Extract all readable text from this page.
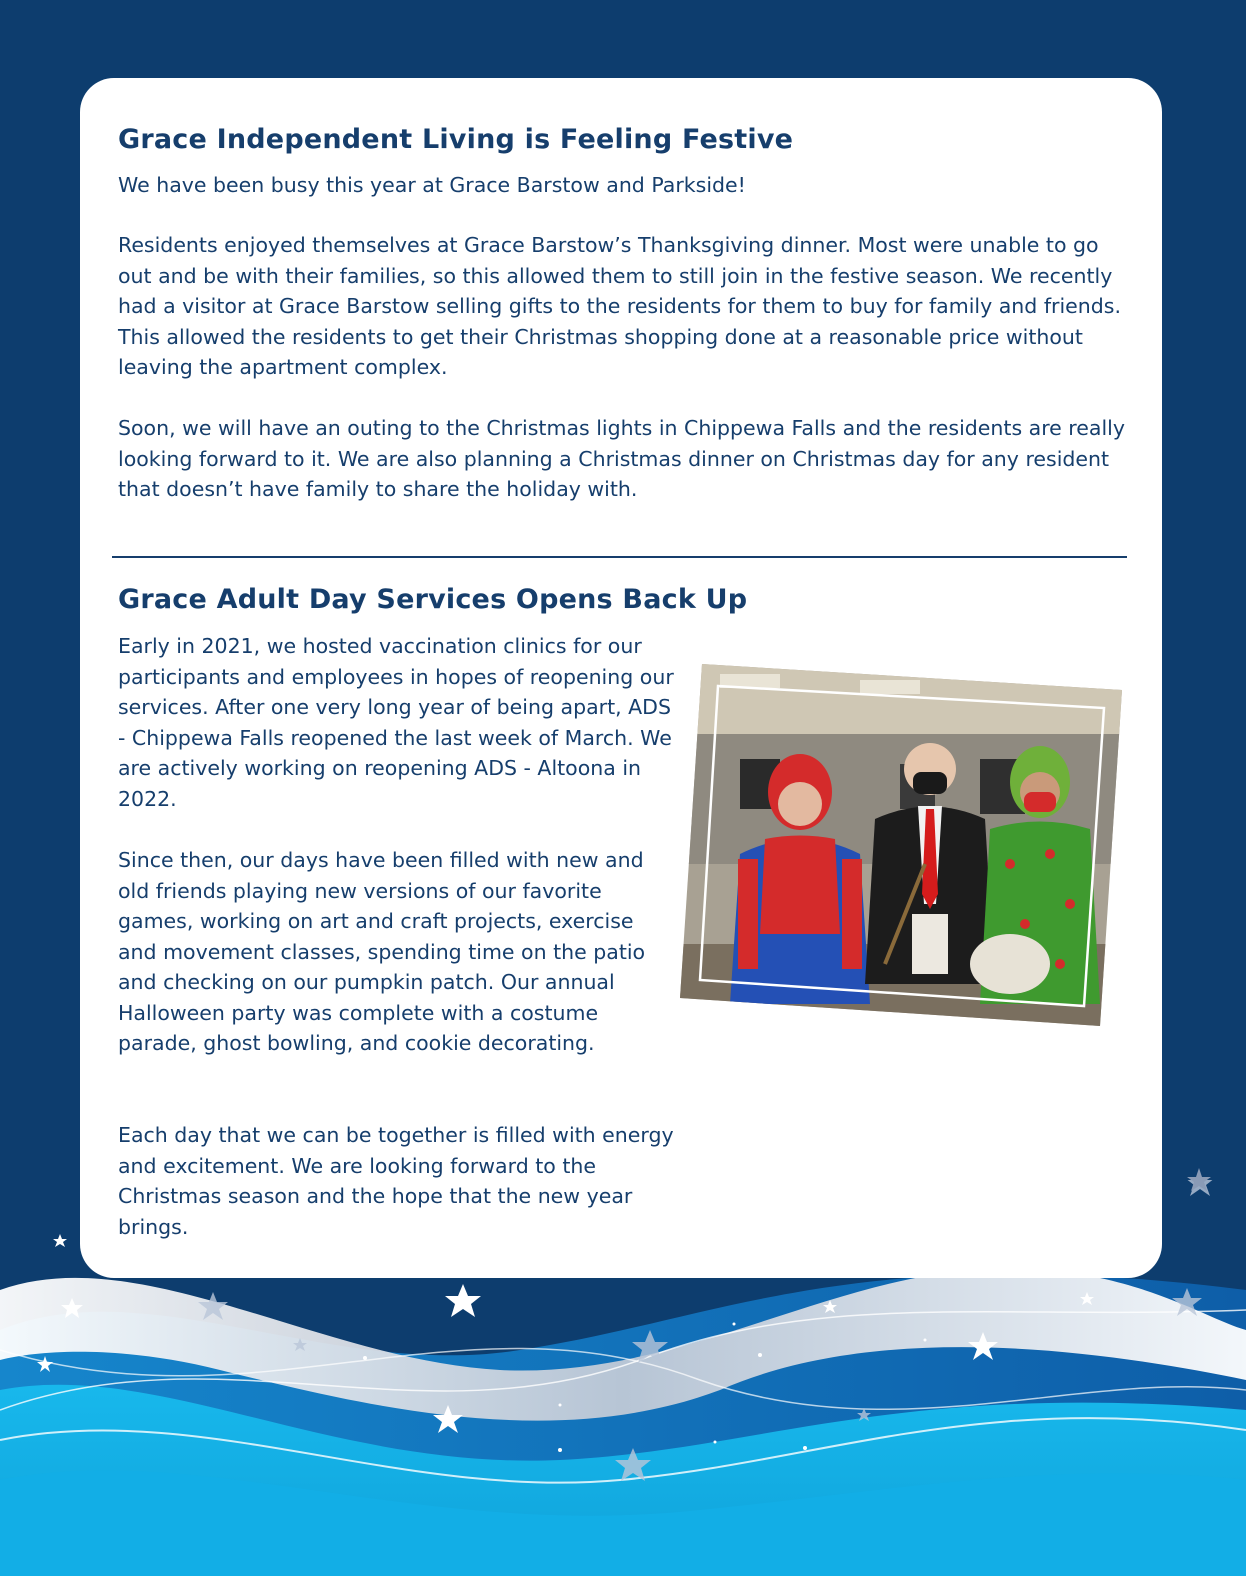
Grace Independent Living is Feeling Festive

We have been busy this year at Grace Barstow and Parkside!

Residents enjoyed themselves at Grace Barstow’s Thanksgiving dinner. Most were unable to go out and be with their families, so this allowed them to still join in the festive season. We recently had a visitor at Grace Barstow selling gifts to the residents for them to buy for family and friends. This allowed the residents to get their Christmas shopping done at a reasonable price without leaving the apartment complex.

Soon, we will have an outing to the Christmas lights in Chippewa Falls and the residents are really looking forward to it. We are also planning a Christmas dinner on Christmas day for any resident that doesn’t have family to share the holiday with.

Grace Adult Day Services Opens Back Up

Early in 2021, we hosted vaccination clinics for our participants and employees in hopes of reopening our services. After one very long year of being apart, ADS - Chippewa Falls reopened the last week of March. We are actively working on reopening ADS - Altoona in 2022.

Since then, our days have been filled with new and old friends playing new versions of our favorite games, working on art and craft projects, exercise and movement classes, spending time on the patio and checking on our pumpkin patch. Our annual Halloween party was complete with a costume parade, ghost bowling, and cookie decorating.

Each day that we can be together is filled with energy and excitement. We are looking forward to the Christmas season and the hope that the new year brings.
